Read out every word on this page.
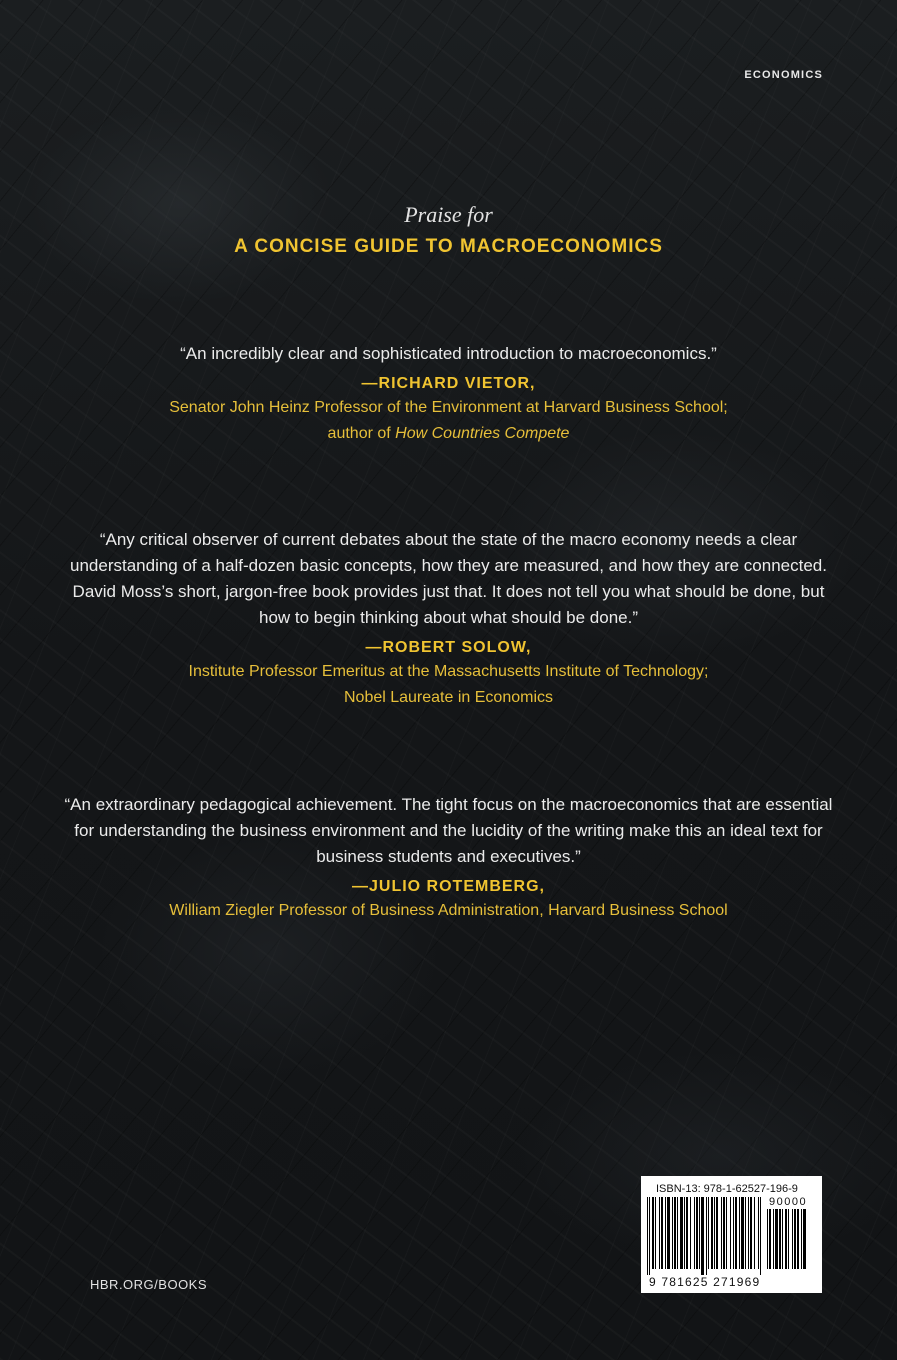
ECONOMICS
Praise for
A CONCISE GUIDE TO MACROECONOMICS

“An incredibly clear and sophisticated introduction to macroeconomics.”

—RICHARD VIETOR,
Senator John Heinz Professor of the Environment at Harvard Business School;
author of How Countries Compete

“Any critical observer of current debates about the state of the macro economy needs a clear understanding of a half-dozen basic concepts, how they are measured, and how they are connected. David Moss’s short, jargon-free book provides just that. It does not tell you what should be done, but how to begin thinking about what should be done.”

—ROBERT SOLOW,
Institute Professor Emeritus at the Massachusetts Institute of Technology;
Nobel Laureate in Economics

“An extraordinary pedagogical achievement. The tight focus on the macroeconomics that are essential for understanding the business environment and the lucidity of the writing make this an ideal text for business students and executives.”

—JULIO ROTEMBERG,
William Ziegler Professor of Business Administration, Harvard Business School
HBR.ORG/BOOKS
ISBN-13: 978-1-62527-196-9
90000
9 781625 271969
